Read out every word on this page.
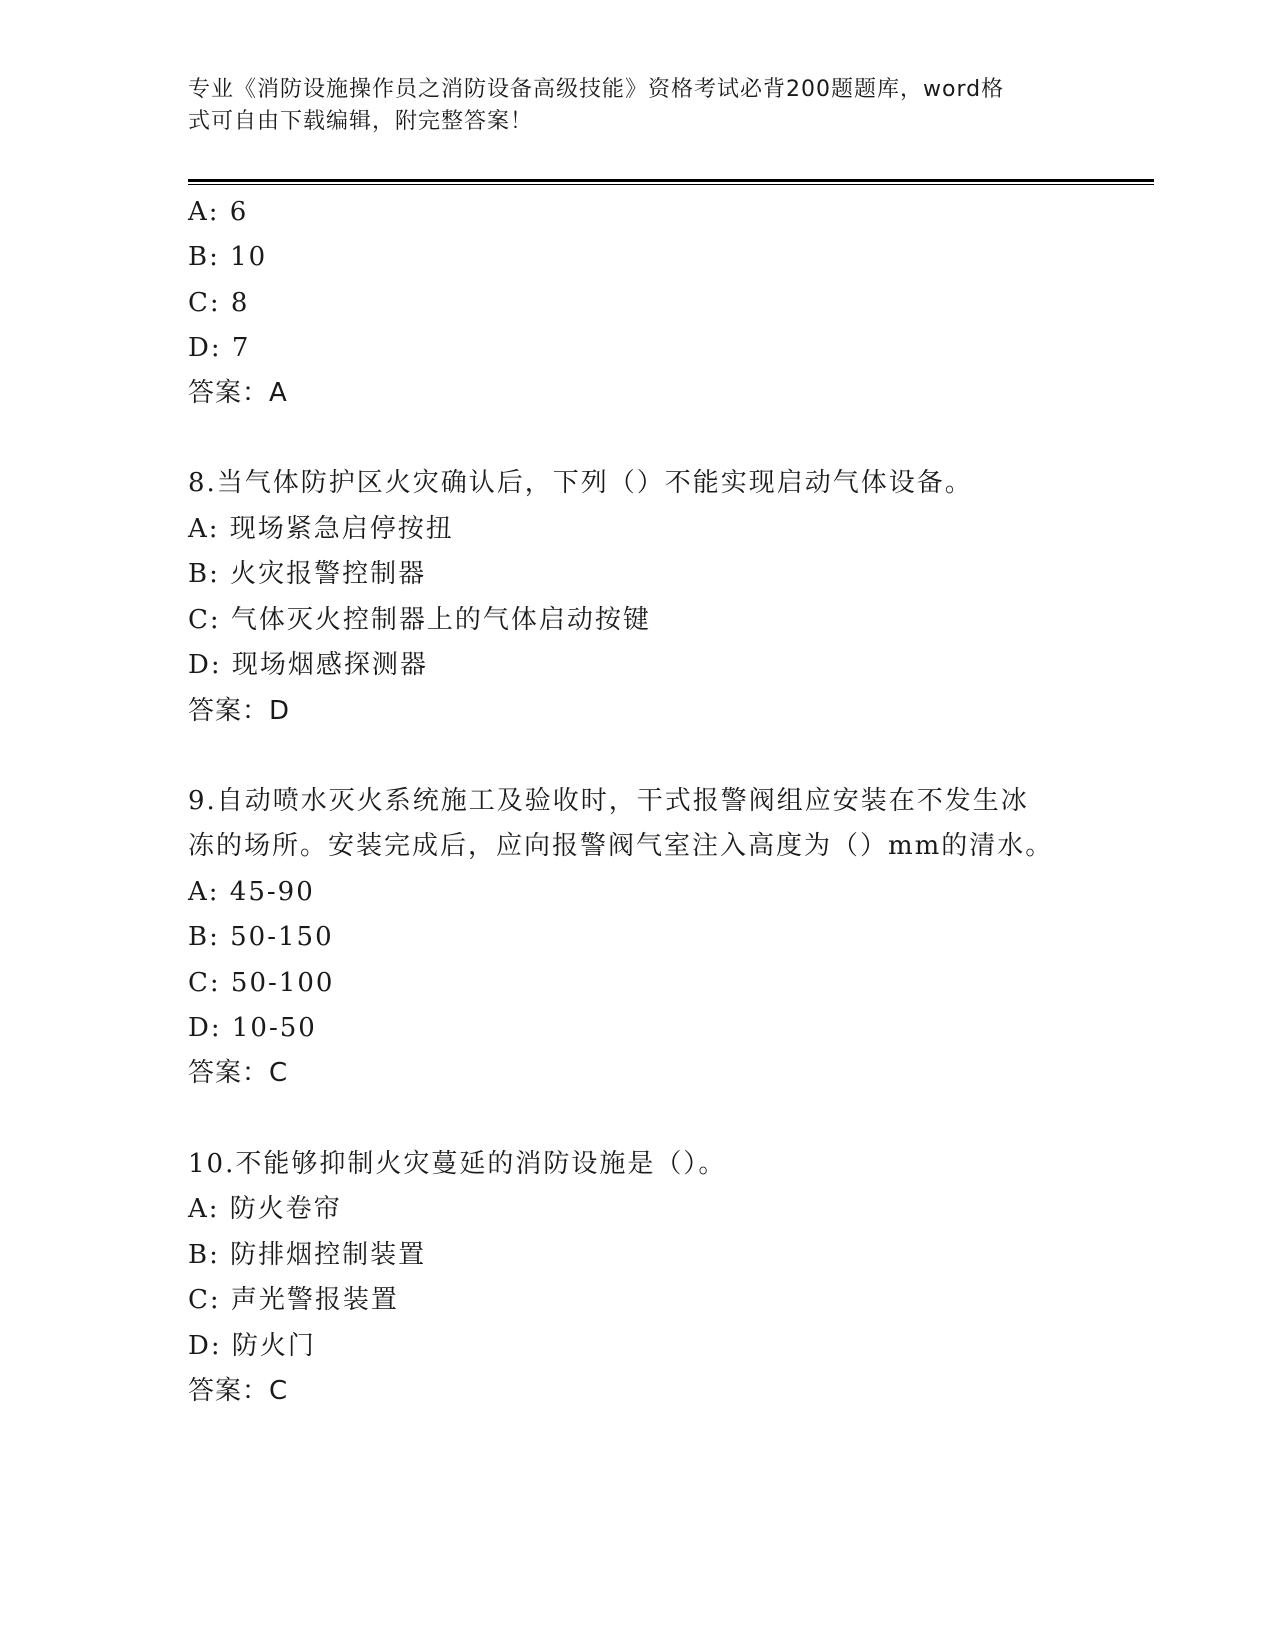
专业《消防设施操作员之消防设备高级技能》资格考试必背200题题库，word格
式可自由下载编辑，附完整答案！
A: 6
B: 10
C: 8
D: 7
答案：A
8.当气体防护区火灾确认后，下列（）不能实现启动气体设备。
A: 现场紧急启停按扭
B: 火灾报警控制器
C: 气体灭火控制器上的气体启动按键
D: 现场烟感探测器
答案：D
9.自动喷水灭火系统施工及验收时，干式报警阀组应安装在不发生冰
冻的场所。安装完成后，应向报警阀气室注入高度为（）mm的清水。
A: 45-90
B: 50-150
C: 50-100
D: 10-50
答案：C
10.不能够抑制火灾蔓延的消防设施是（）。
A: 防火卷帘
B: 防排烟控制装置
C: 声光警报装置
D: 防火门
答案：C
